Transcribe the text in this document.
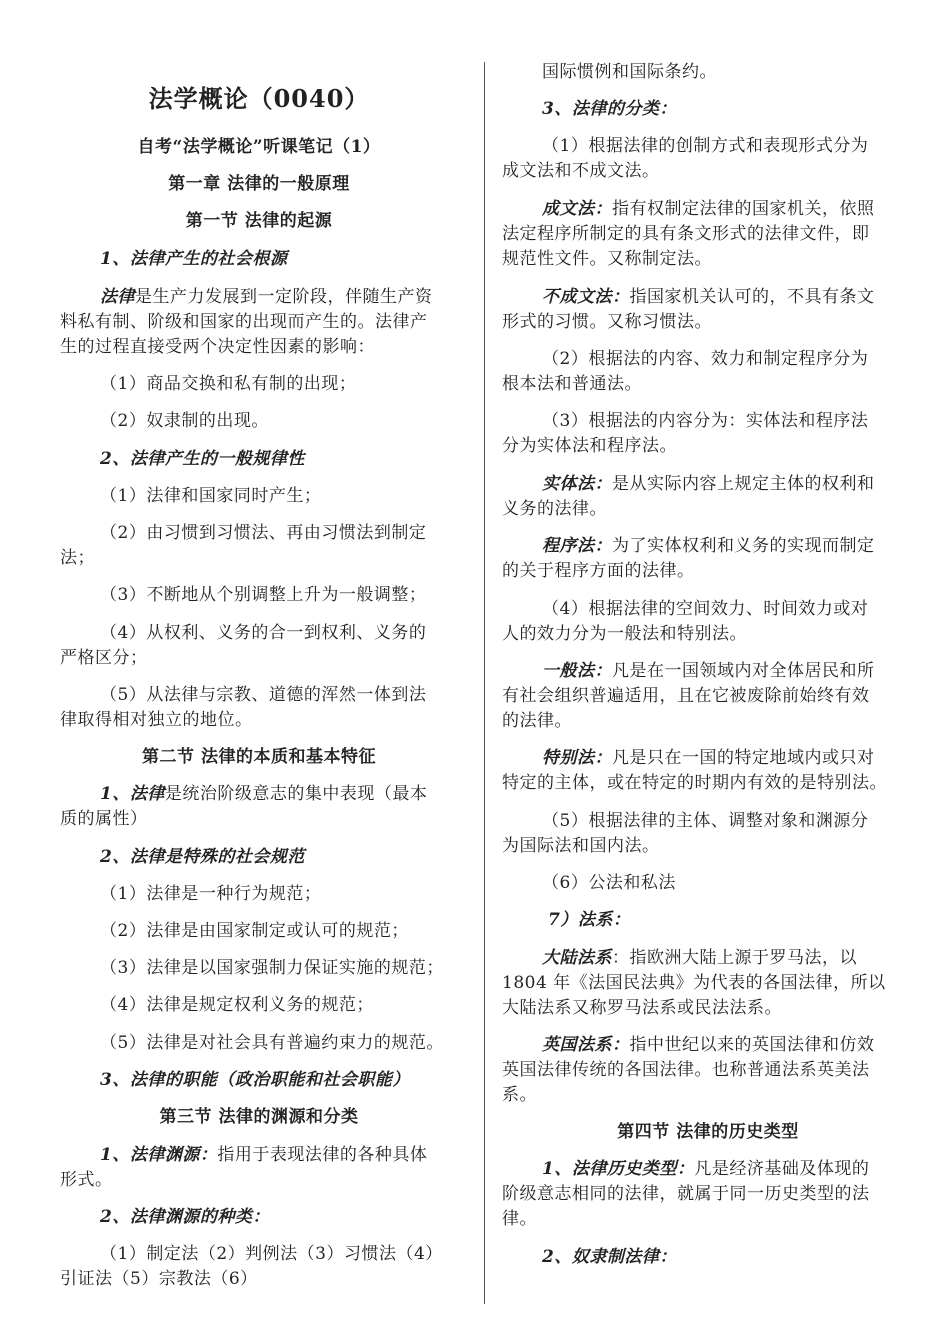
法学概论（0040）
自考“法学概论”听课笔记（1）
第一章 法律的一般原理
第一节 法律的起源
1、法律产生的社会根源
法律是生产力发展到一定阶段，伴随生产资
料私有制、阶级和国家的出现而产生的。法律产
生的过程直接受两个决定性因素的影响：
（1）商品交换和私有制的出现；
（2）奴隶制的出现。
2、法律产生的一般规律性
（1）法律和国家同时产生；
（2）由习惯到习惯法、再由习惯法到制定
法；
（3）不断地从个别调整上升为一般调整；
（4）从权利、义务的合一到权利、义务的
严格区分；
（5）从法律与宗教、道德的浑然一体到法
律取得相对独立的地位。
第二节 法律的本质和基本特征
1、法律是统治阶级意志的集中表现（最本
质的属性）
2、法律是特殊的社会规范
（1）法律是一种行为规范；
（2）法律是由国家制定或认可的规范；
（3）法律是以国家强制力保证实施的规范；
（4）法律是规定权利义务的规范；
（5）法律是对社会具有普遍约束力的规范。
3、法律的职能（政治职能和社会职能）
第三节 法律的渊源和分类
1、法律渊源：指用于表现法律的各种具体
形式。
2、法律渊源的种类：
（1）制定法（2）判例法（3）习惯法（4）
引证法（5）宗教法（6）
国际惯例和国际条约。
3、法律的分类：
（1）根据法律的创制方式和表现形式分为
成文法和不成文法。
成文法：指有权制定法律的国家机关，依照
法定程序所制定的具有条文形式的法律文件，即
规范性文件。又称制定法。
不成文法：指国家机关认可的，不具有条文
形式的习惯。又称习惯法。
（2）根据法的内容、效力和制定程序分为
根本法和普通法。
（3）根据法的内容分为：实体法和程序法
分为实体法和程序法。
实体法：是从实际内容上规定主体的权利和
义务的法律。
程序法：为了实体权利和义务的实现而制定
的关于程序方面的法律。
（4）根据法律的空间效力、时间效力或对
人的效力分为一般法和特别法。
一般法：凡是在一国领域内对全体居民和所
有社会组织普遍适用，且在它被废除前始终有效
的法律。
特别法：凡是只在一国的特定地域内或只对
特定的主体，或在特定的时期内有效的是特别法。
（5）根据法律的主体、调整对象和渊源分
为国际法和国内法。
（6）公法和私法
7）法系：
大陆法系：指欧洲大陆上源于罗马法，以
1804 年《法国民法典》为代表的各国法律，所以
大陆法系又称罗马法系或民法法系。
英国法系：指中世纪以来的英国法律和仿效
英国法律传统的各国法律。也称普通法系英美法
系。
第四节 法律的历史类型
1、法律历史类型：凡是经济基础及体现的
阶级意志相同的法律，就属于同一历史类型的法
律。
2、奴隶制法律：
